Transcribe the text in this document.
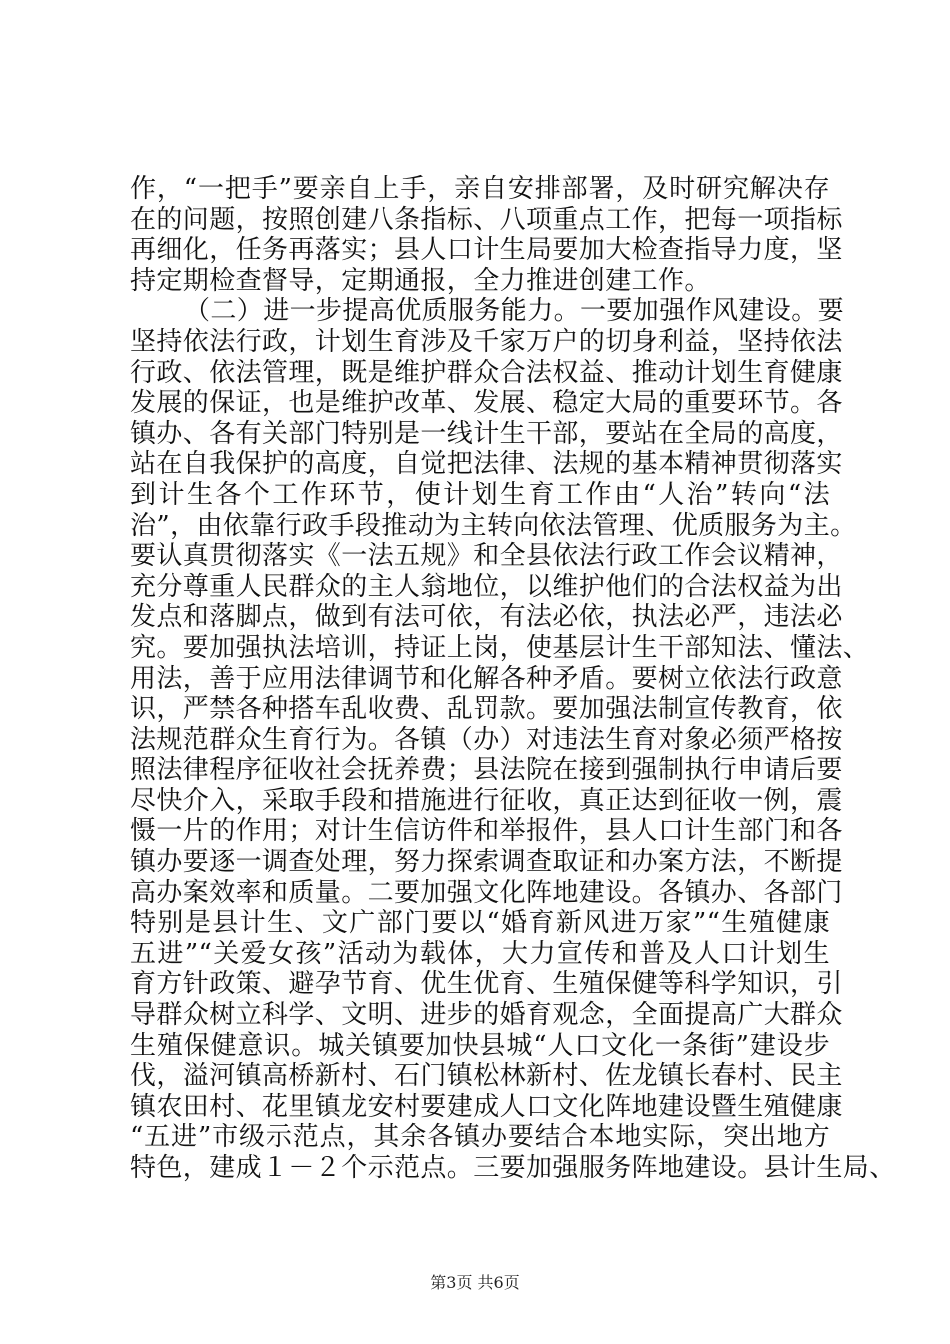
作，“一把手”要亲自上手，亲自安排部署，及时研究解决存
在的问题，按照创建八条指标、八项重点工作，把每一项指标
再细化，任务再落实；县人口计生局要加大检查指导力度，坚
持定期检查督导，定期通报，全力推进创建工作。
（二）进一步提高优质服务能力。一要加强作风建设。要
坚持依法行政，计划生育涉及千家万户的切身利益，坚持依法
行政、依法管理，既是维护群众合法权益、推动计划生育健康
发展的保证，也是维护改革、发展、稳定大局的重要环节。各
镇办、各有关部门特别是一线计生干部，要站在全局的高度，
站在自我保护的高度，自觉把法律、法规的基本精神贯彻落实
到计生各个工作环节，使计划生育工作由“人治”转向“法
治”，由依靠行政手段推动为主转向依法管理、优质服务为主。
要认真贯彻落实《一法五规》和全县依法行政工作会议精神，
充分尊重人民群众的主人翁地位，以维护他们的合法权益为出
发点和落脚点，做到有法可依，有法必依，执法必严，违法必
究。要加强执法培训，持证上岗，使基层计生干部知法、懂法、
用法，善于应用法律调节和化解各种矛盾。要树立依法行政意
识，严禁各种搭车乱收费、乱罚款。要加强法制宣传教育，依
法规范群众生育行为。各镇（办）对违法生育对象必须严格按
照法律程序征收社会抚养费；县法院在接到强制执行申请后要
尽快介入，采取手段和措施进行征收，真正达到征收一例，震
慑一片的作用；对计生信访件和举报件，县人口计生部门和各
镇办要逐一调查处理，努力探索调查取证和办案方法，不断提
高办案效率和质量。二要加强文化阵地建设。各镇办、各部门
特别是县计生、文广部门要以“婚育新风进万家”“生殖健康
五进”“关爱女孩”活动为载体，大力宣传和普及人口计划生
育方针政策、避孕节育、优生优育、生殖保健等科学知识，引
导群众树立科学、文明、进步的婚育观念，全面提高广大群众
生殖保健意识。城关镇要加快县城“人口文化一条街”建设步
伐，溢河镇高桥新村、石门镇松林新村、佐龙镇长春村、民主
镇农田村、花里镇龙安村要建成人口文化阵地建设暨生殖健康
“五进”市级示范点，其余各镇办要结合本地实际，突出地方
特色，建成１－２个示范点。三要加强服务阵地建设。县计生局、
第3页 共6页
